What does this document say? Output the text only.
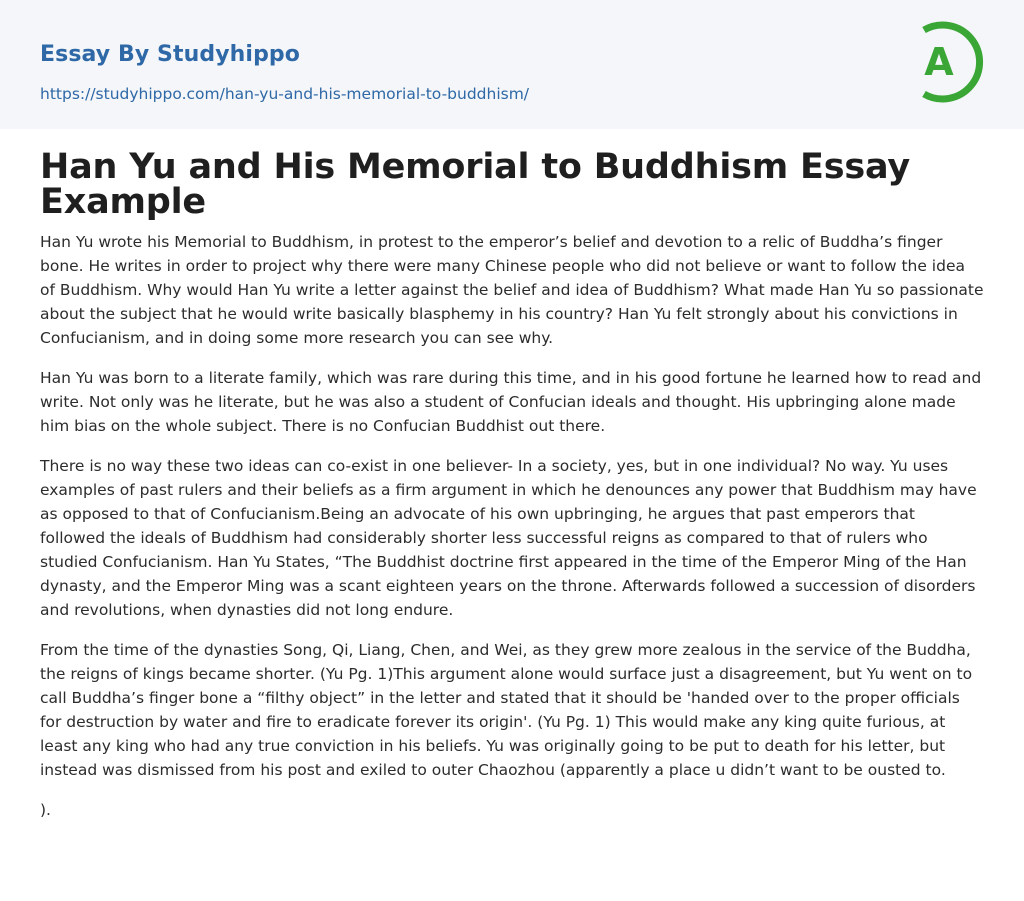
Essay By Studyhippo
https://studyhippo.com/han-yu-and-his-memorial-to-buddhism/
A
Han Yu and His Memorial to Buddhism Essay Example

Han Yu wrote his Memorial to Buddhism, in protest to the emperor’s belief and devotion to a relic of Buddha’s finger bone. He writes in order to project why there were many Chinese people who did not believe or want to follow the idea of Buddhism. Why would Han Yu write a letter against the belief and idea of Buddhism? What made Han Yu so passionate about the subject that he would write basically blasphemy in his country? Han Yu felt strongly about his convictions in Confucianism, and in doing some more research you can see why.

Han Yu was born to a literate family, which was rare during this time, and in his good fortune he learned how to read and write. Not only was he literate, but he was also a student of Confucian ideals and thought. His upbringing alone made him bias on the whole subject. There is no Confucian Buddhist out there.

There is no way these two ideas can co-exist in one believer- In a society, yes, but in one individual? No way. Yu uses examples of past rulers and their beliefs as a firm argument in which he denounces any power that Buddhism may have as opposed to that of Confucianism.Being an advocate of his own upbringing, he argues that past emperors that followed the ideals of Buddhism had considerably shorter less successful reigns as compared to that of rulers who studied Confucianism. Han Yu States, “The Buddhist doctrine first appeared in the time of the Emperor Ming of the Han dynasty, and the Emperor Ming was a scant eighteen years on the throne. Afterwards followed a succession of disorders and revolutions, when dynasties did not long endure.

From the time of the dynasties Song, Qi, Liang, Chen, and Wei, as they grew more zealous in the service of the Buddha, the reigns of kings became shorter. (Yu Pg. 1)This argument alone would surface just a disagreement, but Yu went on to call Buddha’s finger bone a “filthy object” in the letter and stated that it should be 'handed over to the proper officials for destruction by water and fire to eradicate forever its origin'. (Yu Pg. 1) This would make any king quite furious, at least any king who had any true conviction in his beliefs. Yu was originally going to be put to death for his letter, but instead was dismissed from his post and exiled to outer Chaozhou (apparently a place u didn’t want to be ousted to.

).
